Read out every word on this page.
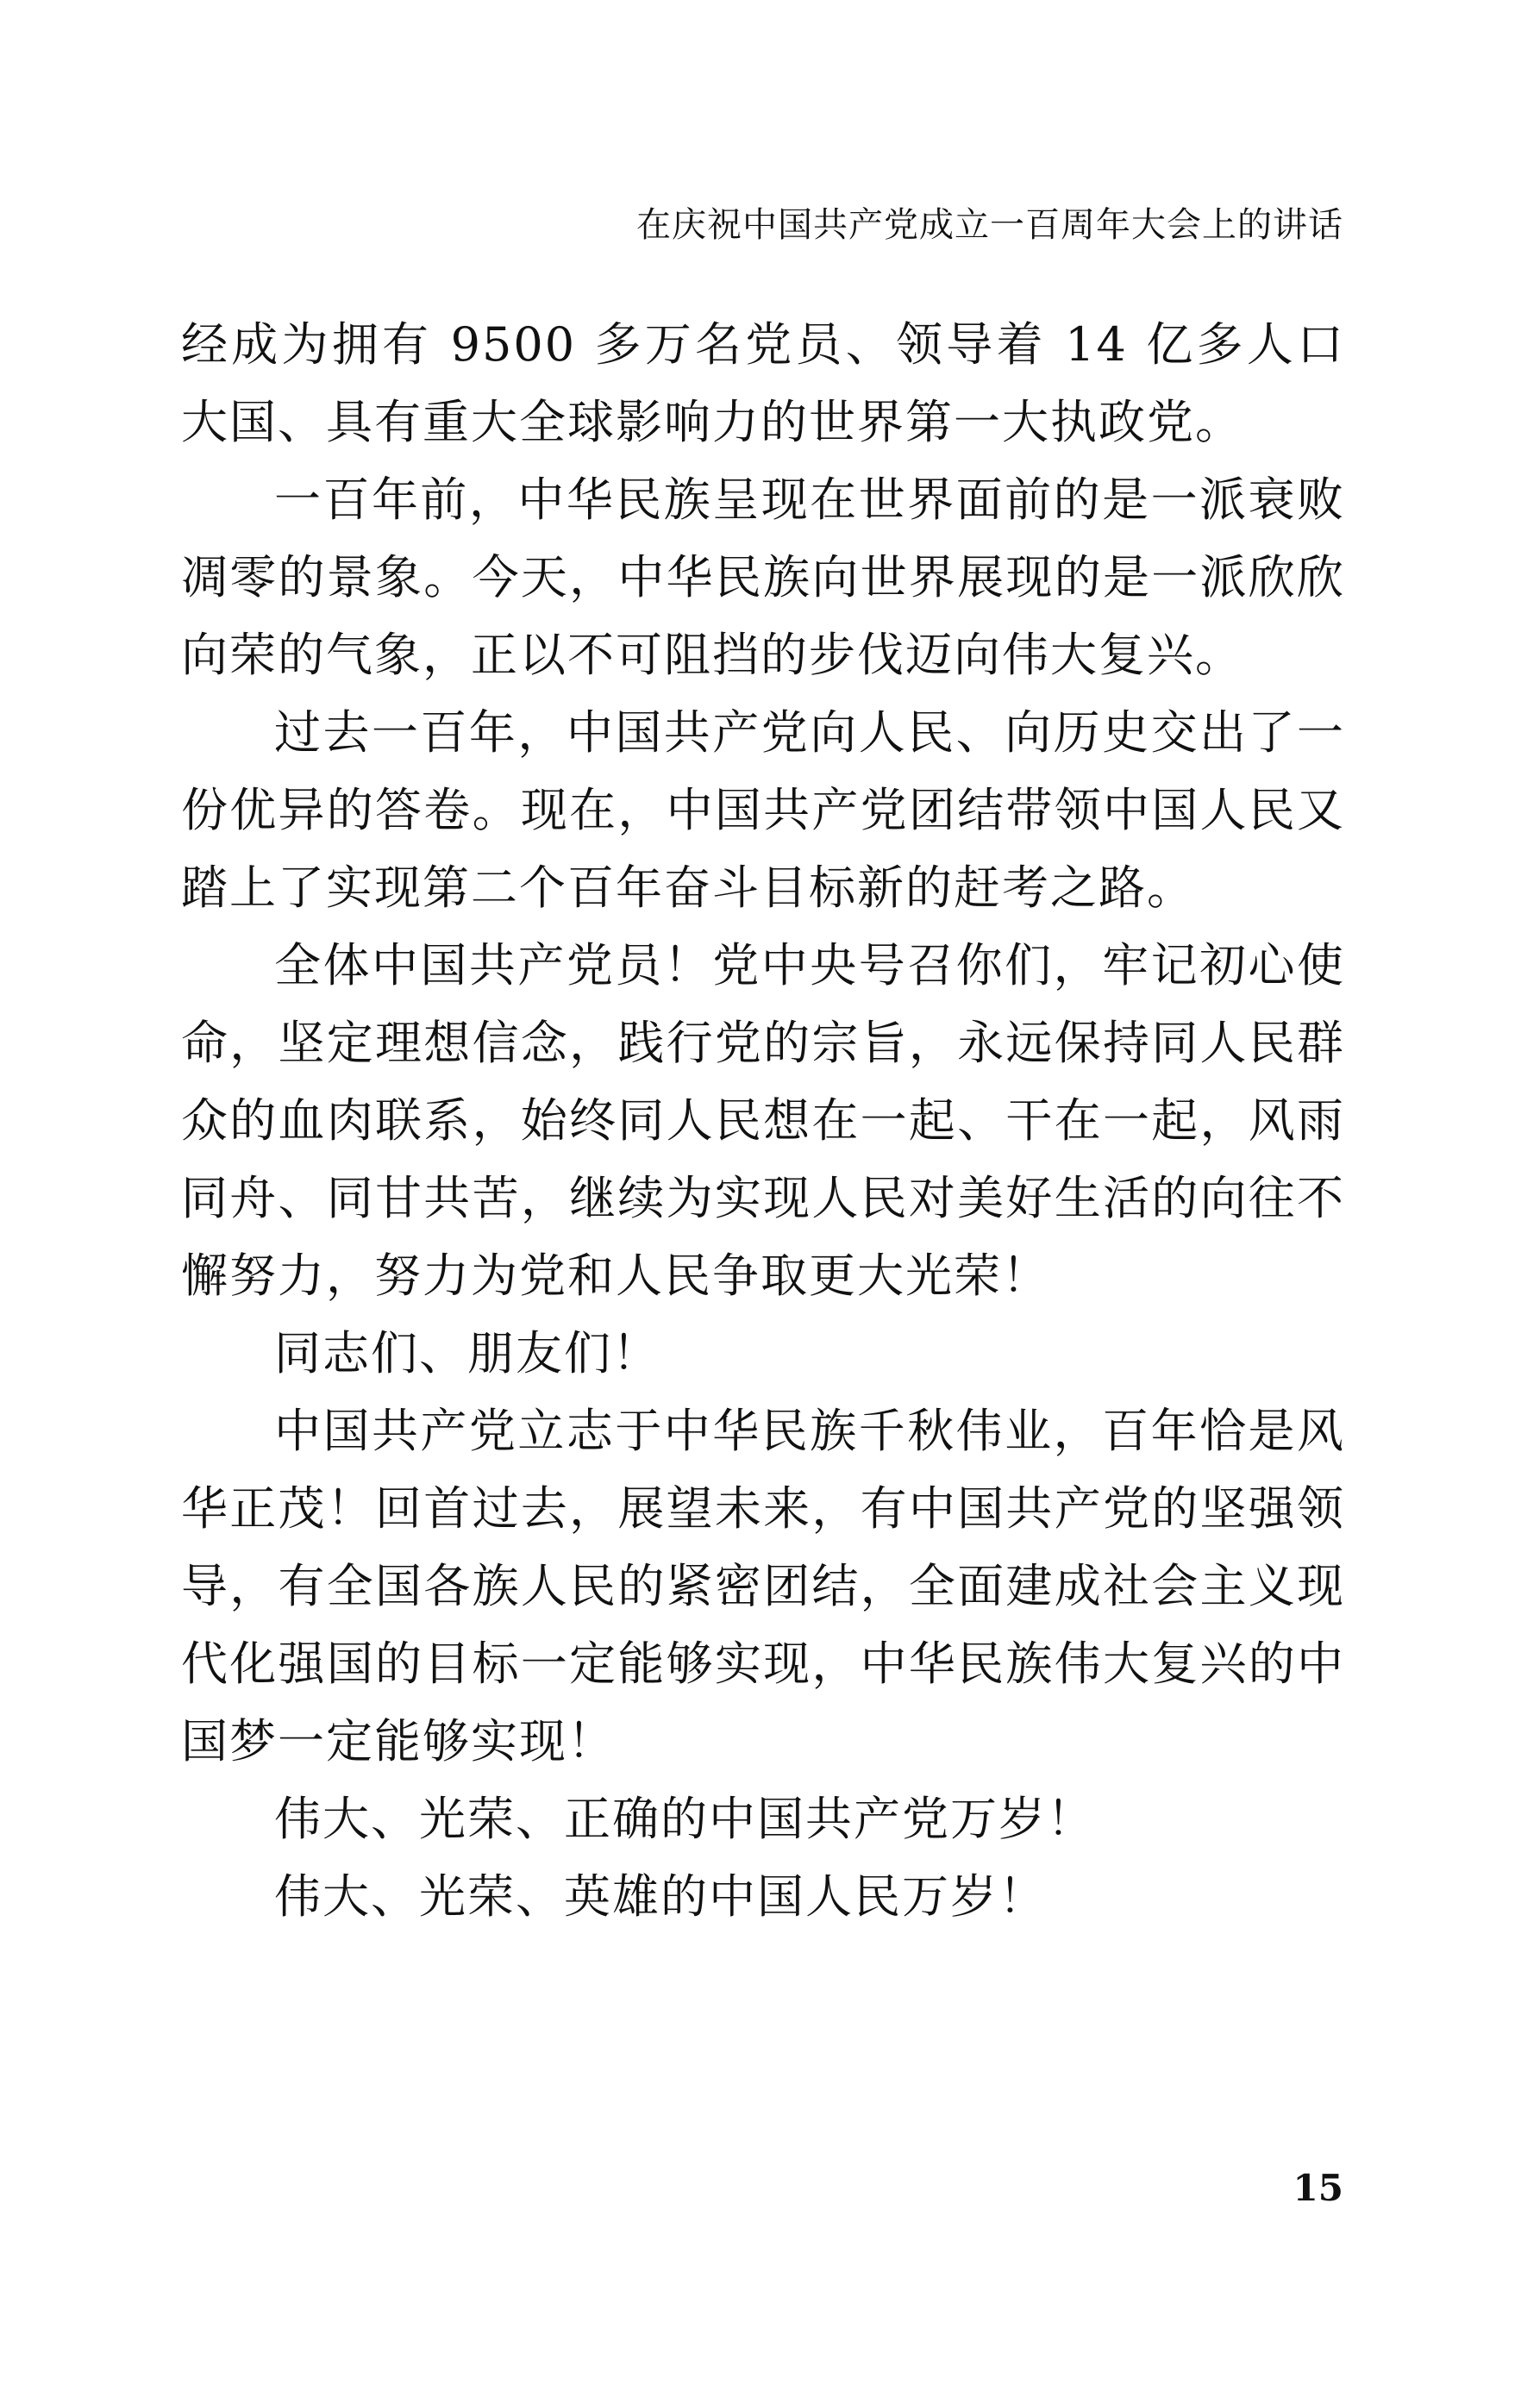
在庆祝中国共产党成立一百周年大会上的讲话

经成为拥有 9500 多万名党员、领导着 14 亿多人口大国、具有重大全球影响力的世界第一大执政党。

一百年前，中华民族呈现在世界面前的是一派衰败凋零的景象。今天，中华民族向世界展现的是一派欣欣向荣的气象，正以不可阻挡的步伐迈向伟大复兴。

过去一百年，中国共产党向人民、向历史交出了一份优异的答卷。现在，中国共产党团结带领中国人民又踏上了实现第二个百年奋斗目标新的赶考之路。

全体中国共产党员！党中央号召你们，牢记初心使命，坚定理想信念，践行党的宗旨，永远保持同人民群众的血肉联系，始终同人民想在一起、干在一起，风雨同舟、同甘共苦，继续为实现人民对美好生活的向往不懈努力，努力为党和人民争取更大光荣！

同志们、朋友们！

中国共产党立志于中华民族千秋伟业，百年恰是风华正茂！回首过去，展望未来，有中国共产党的坚强领导，有全国各族人民的紧密团结，全面建成社会主义现代化强国的目标一定能够实现，中华民族伟大复兴的中国梦一定能够实现！

伟大、光荣、正确的中国共产党万岁！

伟大、光荣、英雄的中国人民万岁！

15
